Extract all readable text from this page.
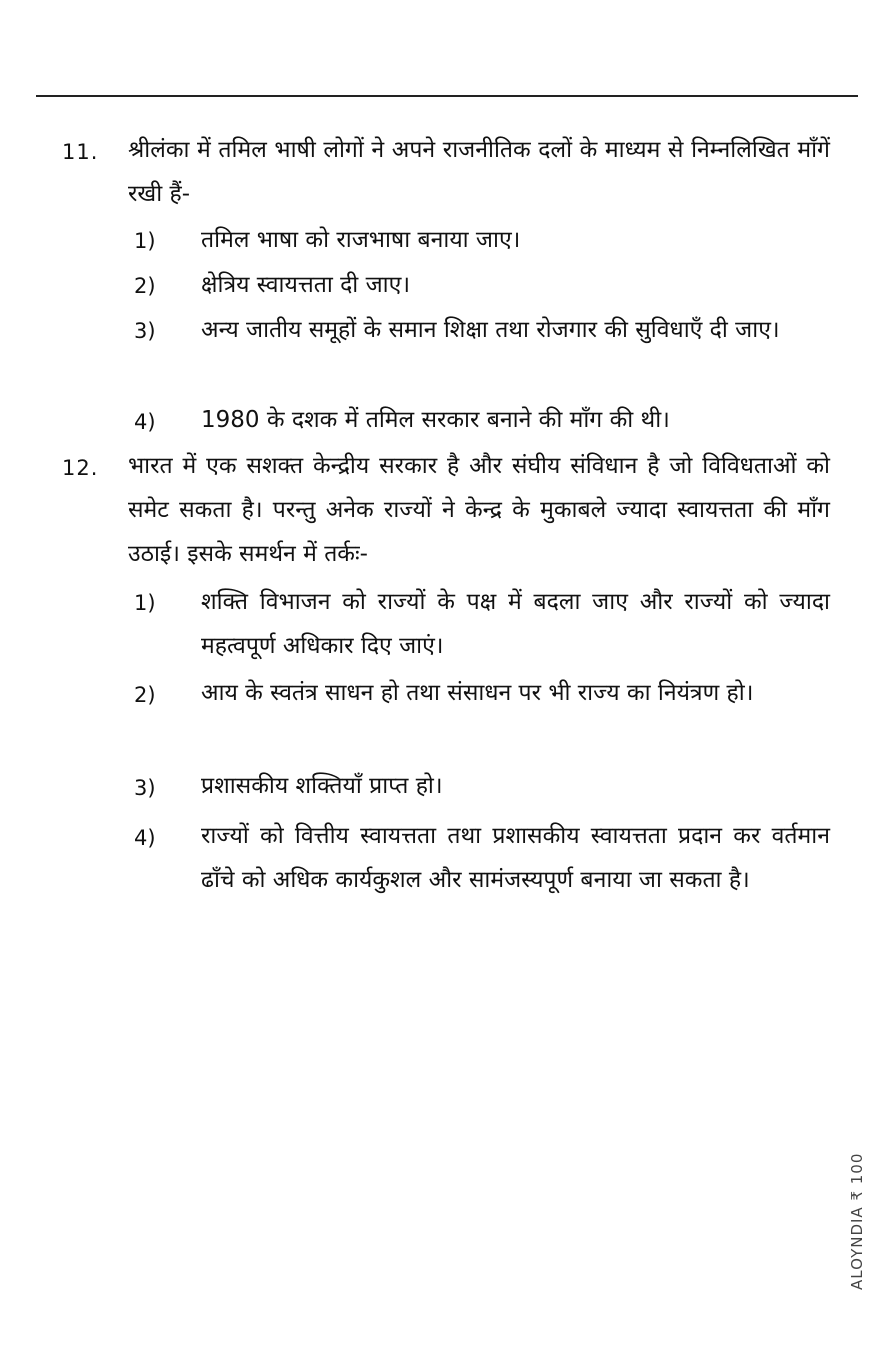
11. श्रीलंका में तमिल भाषी लोगों ने अपने राजनीतिक दलों के माध्यम से निम्नलिखित माँगें रखी हैं-
1) तमिल भाषा को राजभाषा बनाया जाए।
2) क्षेत्रिय स्वायत्तता दी जाए।
3) अन्य जातीय समूहों के समान शिक्षा तथा रोजगार की सुविधाएँ दी जाए।
4) 1980 के दशक में तमिल सरकार बनाने की माँग की थी।
12. भारत में एक सशक्त केन्द्रीय सरकार है और संघीय संविधान है जो विविधताओं को समेट सकता है। परन्तु अनेक राज्यों ने केन्द्र के मुकाबले ज्यादा स्वायत्तता की माँग उठाई। इसके समर्थन में तर्कः-
1) शक्ति विभाजन को राज्यों के पक्ष में बदला जाए और राज्यों को ज्यादा महत्वपूर्ण अधिकार दिए जाएं।
2) आय के स्वतंत्र साधन हो तथा संसाधन पर भी राज्य का नियंत्रण हो।
3) प्रशासकीय शक्तियाँ प्राप्त हो।
4) राज्यों को वित्तीय स्वायत्तता तथा प्रशासकीय स्वायत्तता प्रदान कर वर्तमान ढाँचे को अधिक कार्यकुशल और सामंजस्यपूर्ण बनाया जा सकता है।
ALOYNDIA ₹ 100
